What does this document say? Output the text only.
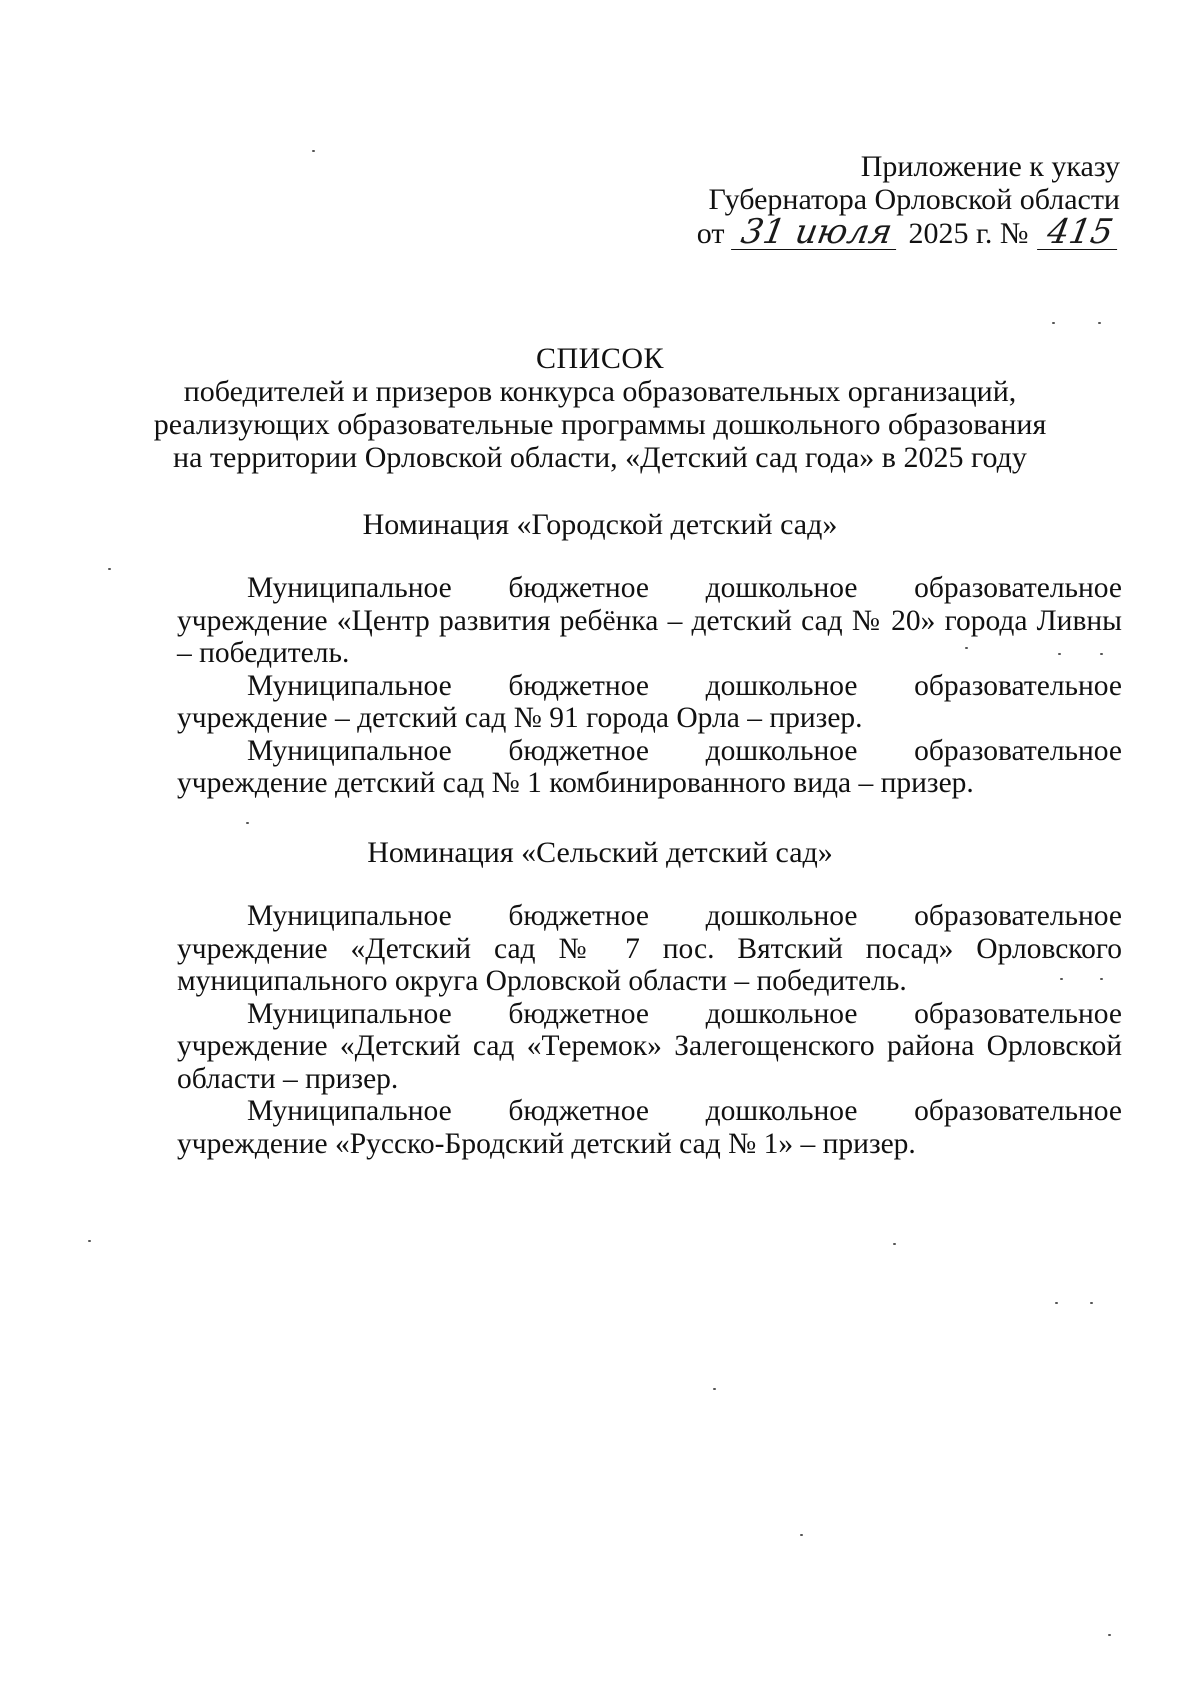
Приложение к указу
Губернатора Орловской области
от 31 июля 2025 г. № 415
СПИСОК
победителей и призеров конкурса образовательных организаций,
реализующих образовательные программы дошкольного образования
на территории Орловской области, «Детский сад года» в 2025 году
Номинация «Городской детский сад»

Муниципальное бюджетное дошкольное образовательное учреждение «Центр развития ребёнка – детский сад № 20» города Ливны – победитель.

Муниципальное бюджетное дошкольное образовательное учреждение – детский сад № 91 города Орла – призер.

Муниципальное бюджетное дошкольное образовательное учреждение детский сад № 1 комбинированного вида – призер.

Номинация «Сельский детский сад»

Муниципальное бюджетное дошкольное образовательное учреждение «Детский сад № 7 пос. Вятский посад» Орловского муниципального округа Орловской области – победитель.

Муниципальное бюджетное дошкольное образовательное учреждение «Детский сад «Теремок» Залегощенского района Орловской области – призер.

Муниципальное бюджетное дошкольное образовательное учреждение «Русско-Бродский детский сад № 1» – призер.
